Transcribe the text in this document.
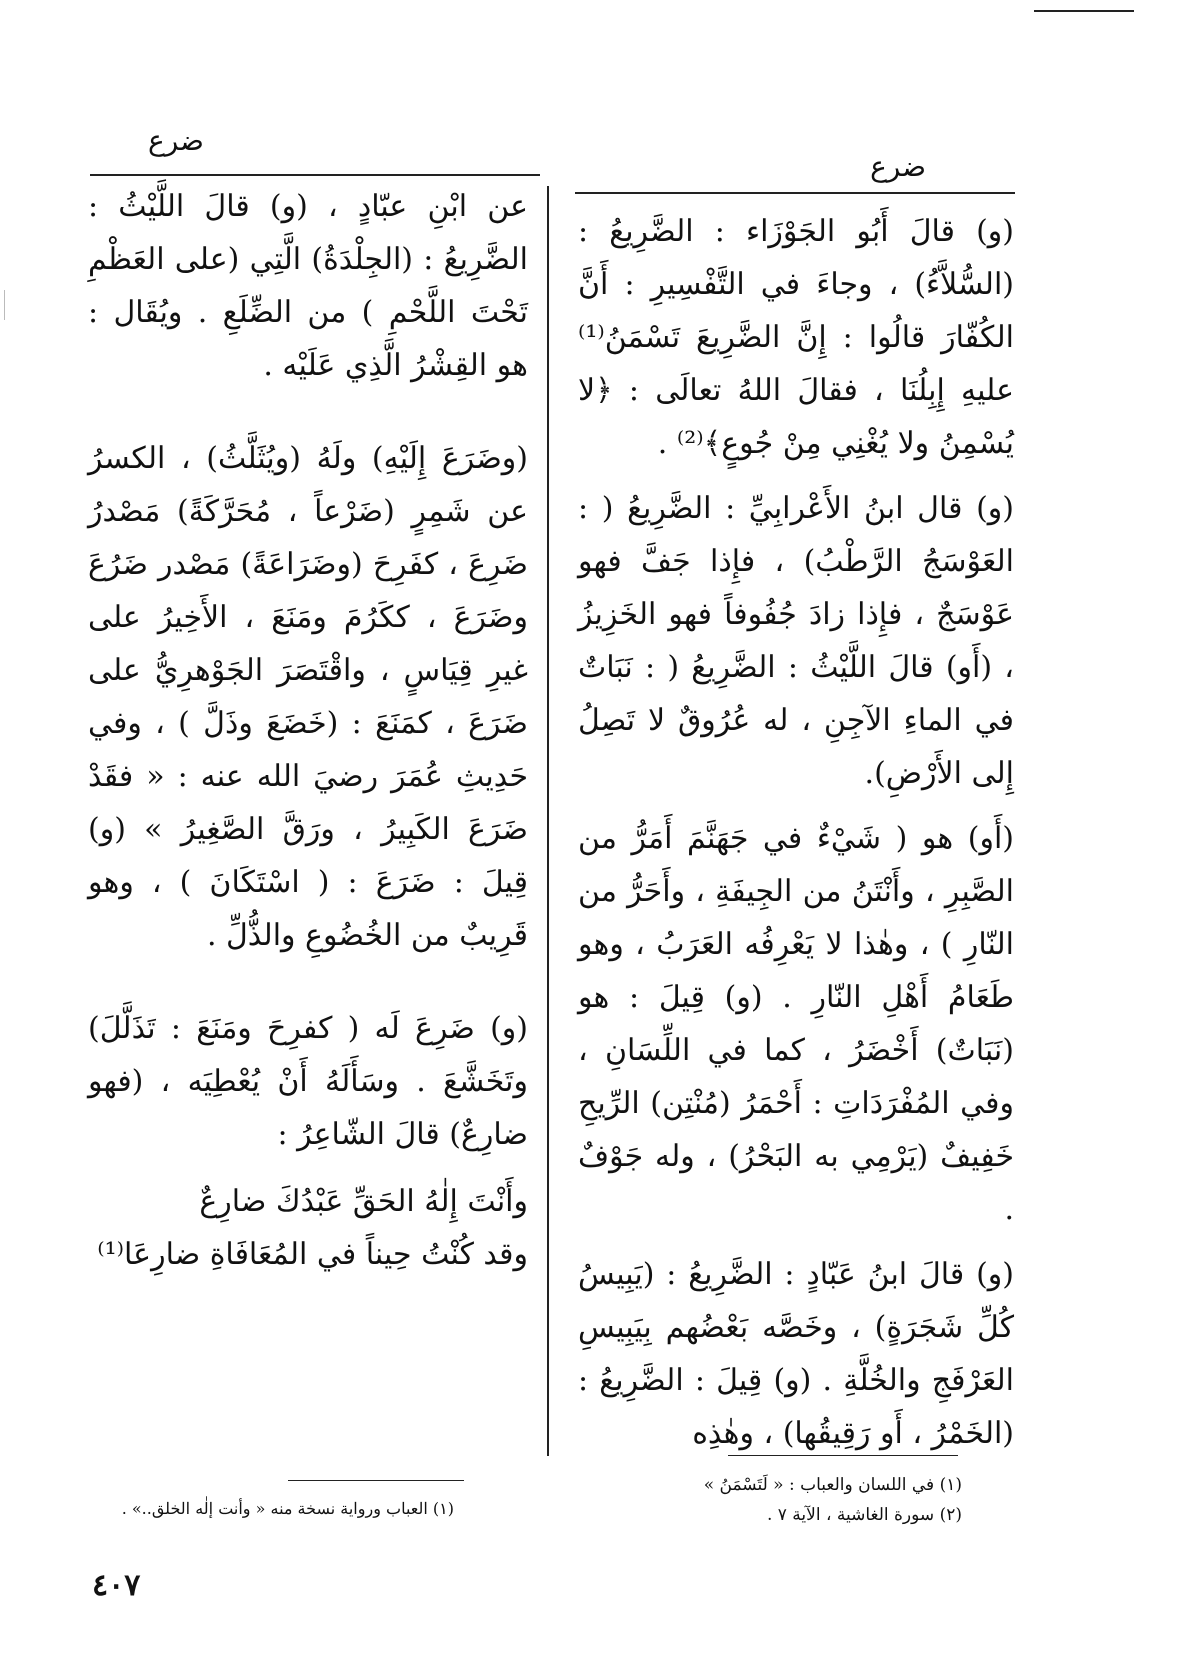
ضرع
ضرع

(و) قالَ أَبُو الجَوْزَاء : الضَّرِيعُ : (السُّلاَّءُ) ، وجاءَ في التَّفْسِيرِ : أَنَّ الكُفّارَ قالُوا : إِنَّ الضَّرِيعَ تَسْمَنُ⁽¹⁾ عليهِ إِبِلُنَا ، فقالَ اللهُ تعالَى : ﴿لا يُسْمِنُ ولا يُغْنِي مِنْ جُوعٍ﴾⁽²⁾ .

(و) قال ابنُ الأَعْرابِيِّ : الضَّرِيعُ ( : العَوْسَجُ الرَّطْبُ) ، فإِذا جَفَّ فهو عَوْسَجٌ ، فإِذا زادَ جُفُوفاً فهو الخَزِيزُ ، (أَو) قالَ اللَّيْثُ : الضَّرِيعُ ( : نَبَاتٌ في الماءِ الآجِنِ ، له عُرُوقٌ لا تَصِلُ إِلى الأَرْضِ).

(أَو) هو ( شَيْءٌ في جَهَنَّمَ أَمَرُّ من الصَّبِرِ ، وأَنْتَنُ من الجِيفَةِ ، وأَحَرُّ من النّارِ ) ، وهٰذا لا يَعْرِفُه العَرَبُ ، وهو طَعَامُ أَهْلِ النّارِ . (و) قِيلَ : هو (نَبَاتٌ) أَخْضَرُ ، كما في اللِّسَانِ ، وفي المُفْرَدَاتِ : أَحْمَرُ (مُنْتِن) الرِّيحِ خَفِيفٌ (يَرْمِي به البَحْرُ) ، وله جَوْفٌ .

(و) قالَ ابنُ عَبّادٍ : الضَّرِيعُ : (يَبِيسُ كُلِّ شَجَرَةٍ) ، وخَصَّه بَعْضُهم بِيَبِيسِ العَرْفَجِ والخُلَّةِ . (و) قِيلَ : الضَّرِيعُ : (الخَمْرُ ، أَو رَقِيقُها) ، وهٰذِه

عن ابْنِ عبّادٍ ، (و) قالَ اللَّيْثُ : الضَّرِيعُ : (الجِلْدَةُ) الَّتِي (على العَظْمِ تَحْتَ اللَّحْمِ ) من الضِّلَعِ . ويُقَال : هو القِشْرُ الَّذِي عَلَيْه .

(وضَرَعَ إِلَيْهِ) ولَهُ (ويُثَلَّثُ) ، الكسرُ عن شَمِرٍ (ضَرْعاً ، مُحَرَّكَةً) مَصْدرُ ضَرِعَ ، كفَرِحَ (وضَرَاعَةً) مَصْدر ضَرُعَ وضَرَعَ ، ككَرُمَ ومَنَعَ ، الأَخِيرُ على غيرِ قِيَاسٍ ، واقْتَصَرَ الجَوْهرِيُّ على ضَرَعَ ، كمَنَعَ : (خَضَعَ وذَلَّ ) ، وفي حَدِيثِ عُمَرَ رضيَ الله عنه : « فقَدْ ضَرَعَ الكَبِيرُ ، ورَقَّ الصَّغِيرُ » (و) قِيلَ : ضَرَعَ : ( اسْتَكَانَ ) ، وهو قَرِيبٌ من الخُضُوعِ والذُّلِّ .

(و) ضَرِعَ لَه ( كفرِحَ ومَنَعَ : تَذَلَّلَ) وتَخَشَّعَ . وسَأَلَهُ أَنْ يُعْطِيَه ، (فهو ضارِعٌ) قالَ الشّاعِرُ :

وأَنْتَ إِلٰهُ الحَقِّ عَبْدُكَ ضارِعٌ
وقد كُنْتُ حِيناً في المُعَافَاةِ ضارِعَا⁽¹⁾
(١) في اللسان والعباب : « لَتَسْمَنُ »
(٢) سورة الغاشية ، الآية ٧ .
(١) العباب ورواية نسخة منه « وأنت إلٰه الخلق..» .
٤٠٧
